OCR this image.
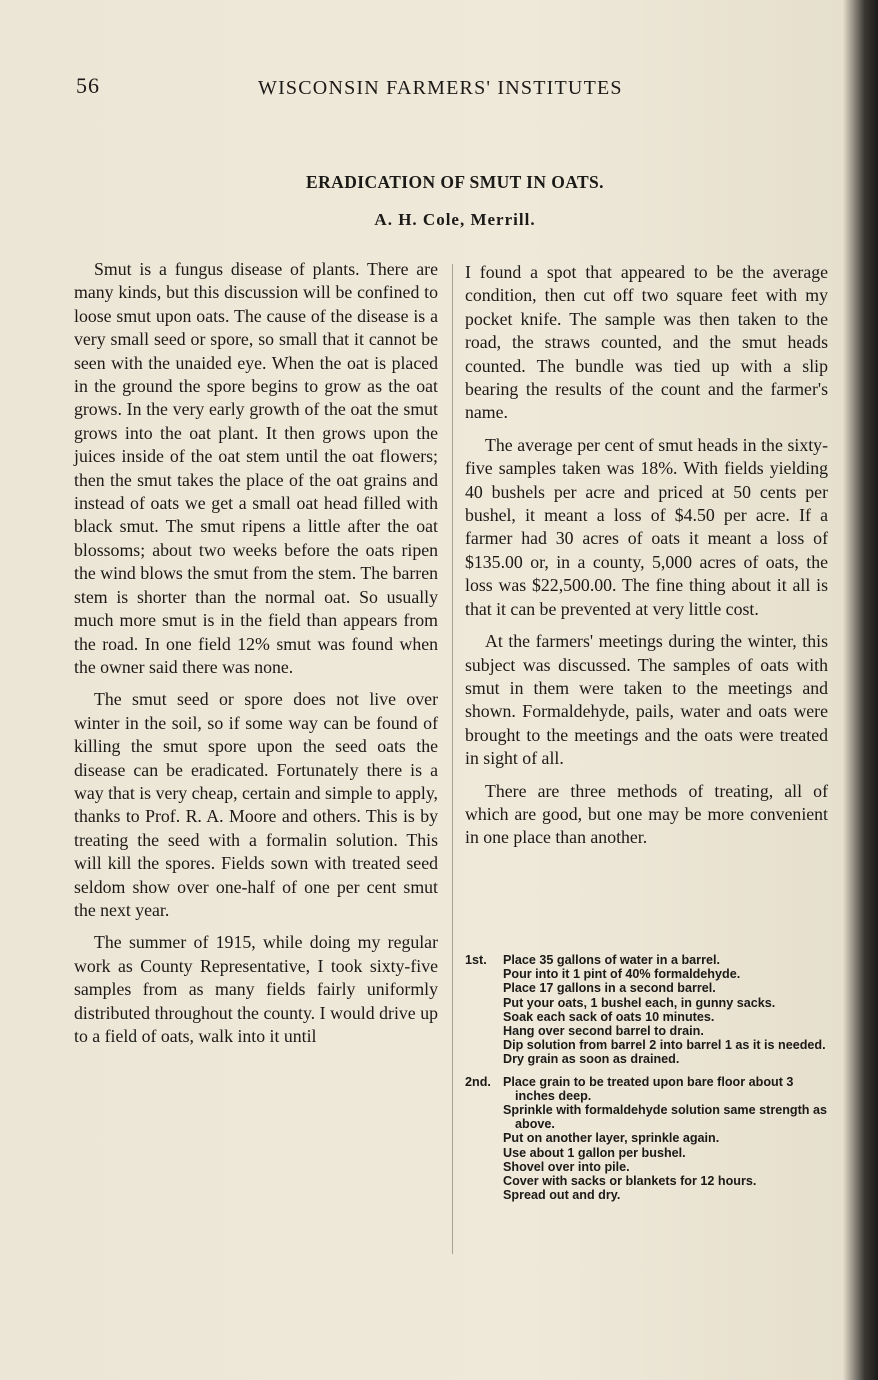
56	WISCONSIN FARMERS' INSTITUTES
ERADICATION OF SMUT IN OATS.
A. H. Cole, Merrill.

Smut is a fungus disease of plants. There are many kinds, but this discussion will be confined to loose smut upon oats. The cause of the disease is a very small seed or spore, so small that it cannot be seen with the unaided eye. When the oat is placed in the ground the spore begins to grow as the oat grows. In the very early growth of the oat the smut grows into the oat plant. It then grows upon the juices inside of the oat stem until the oat flowers; then the smut takes the place of the oat grains and instead of oats we get a small oat head filled with black smut. The smut ripens a little after the oat blossoms; about two weeks before the oats ripen the wind blows the smut from the stem. The barren stem is shorter than the normal oat. So usually much more smut is in the field than appears from the road. In one field 12% smut was found when the owner said there was none.

The smut seed or spore does not live over winter in the soil, so if some way can be found of killing the smut spore upon the seed oats the disease can be eradicated. Fortunately there is a way that is very cheap, certain and simple to apply, thanks to Prof. R. A. Moore and others. This is by treating the seed with a formalin solution. This will kill the spores. Fields sown with treated seed seldom show over one-half of one per cent smut the next year.

The summer of 1915, while doing my regular work as County Representative, I took sixty-five samples from as many fields fairly uniformly distributed throughout the county. I would drive up to a field of oats, walk into it until

I found a spot that appeared to be the average condition, then cut off two square feet with my pocket knife. The sample was then taken to the road, the straws counted, and the smut heads counted. The bundle was tied up with a slip bearing the results of the count and the farmer's name.

The average per cent of smut heads in the sixty-five samples taken was 18%. With fields yielding 40 bushels per acre and priced at 50 cents per bushel, it meant a loss of $4.50 per acre. If a farmer had 30 acres of oats it meant a loss of $135.00 or, in a county, 5,000 acres of oats, the loss was $22,500.00. The fine thing about it all is that it can be prevented at very little cost.

At the farmers' meetings during the winter, this subject was discussed. The samples of oats with smut in them were taken to the meetings and shown. Formaldehyde, pails, water and oats were brought to the meetings and the oats were treated in sight of all.

There are three methods of treating, all of which are good, but one may be more convenient in one place than another.

1st.	Place 35 gallons of water in a barrel.
Pour into it 1 pint of 40% formaldehyde.
Place 17 gallons in a second barrel.
Put your oats, 1 bushel each, in gunny sacks.
Soak each sack of oats 10 minutes.
Hang over second barrel to drain.
Dip solution from barrel 2 into barrel 1 as it is needed.
Dry grain as soon as drained.
2nd. Place grain to be treated upon bare floor about 3 inches deep.
Sprinkle with formaldehyde solution same strength as above.
Put on another layer, sprinkle again.
Use about 1 gallon per bushel.
Shovel over into pile.
Cover with sacks or blankets for 12 hours.
Spread out and dry.
